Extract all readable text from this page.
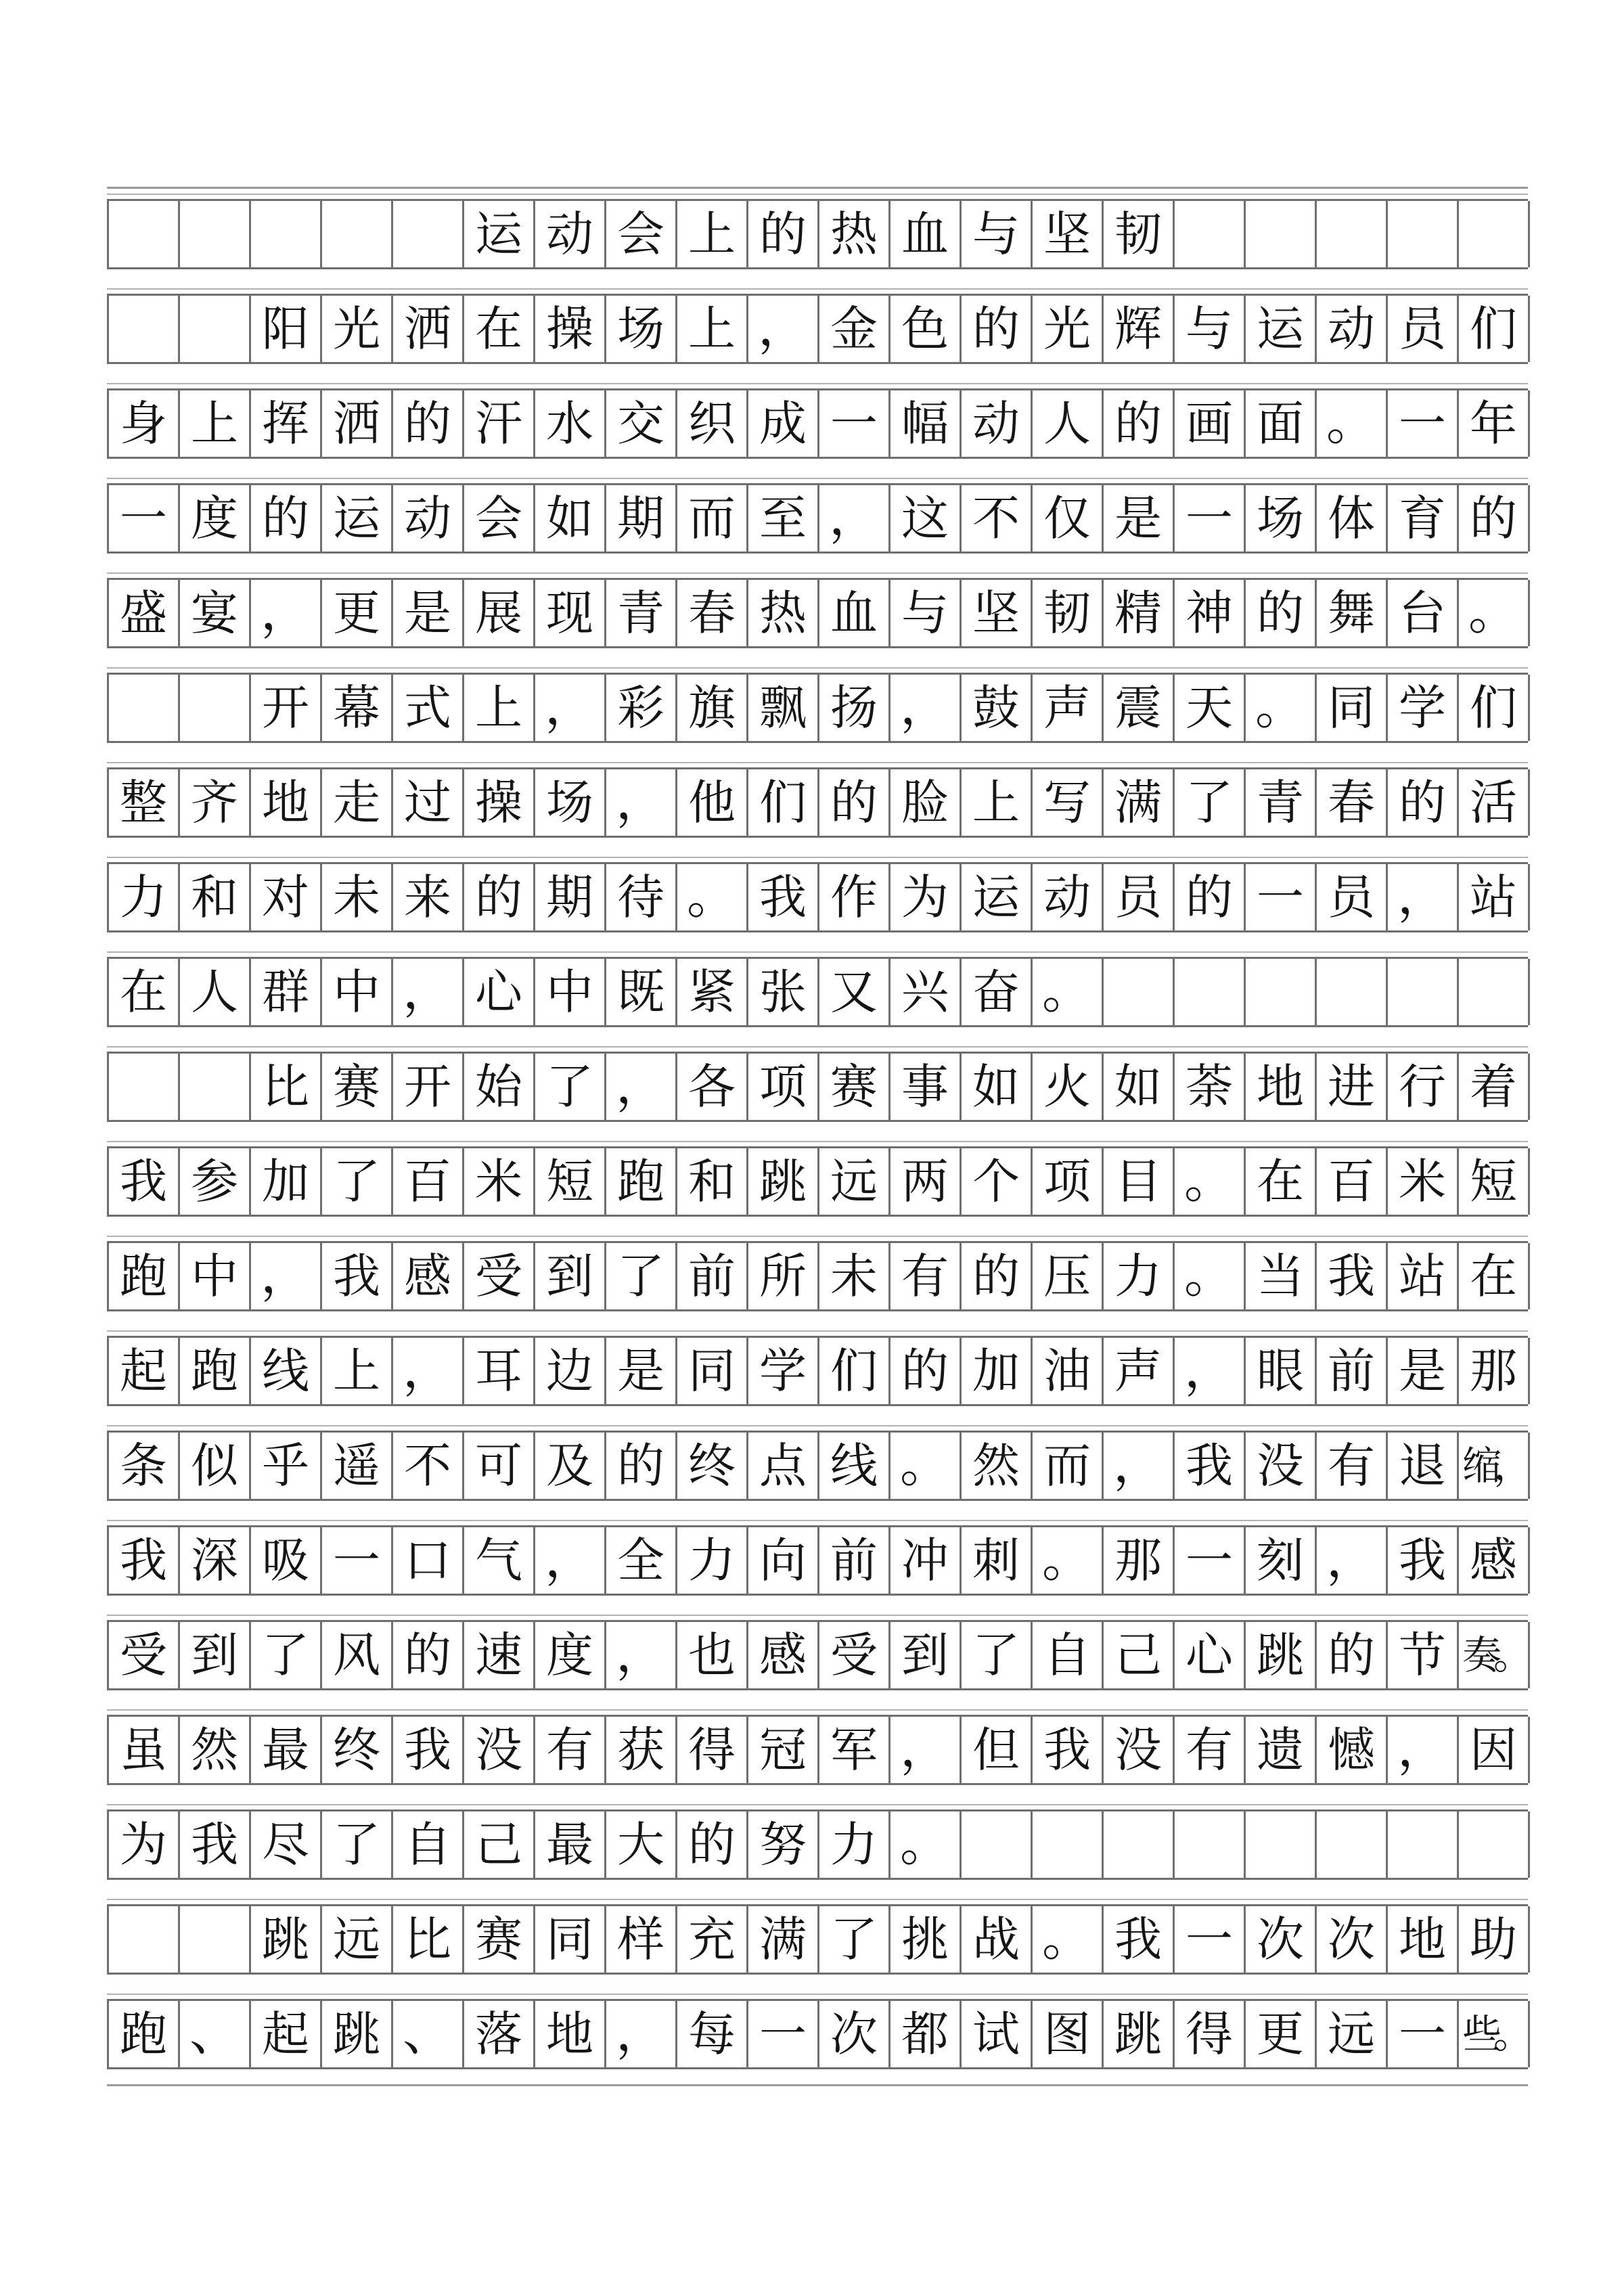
运 动 会 上 的 热 血 与 坚 韧
阳 光 洒 在 操 场 上 ， 金 色 的 光 辉 与 运 动 员 们
身 上 挥 洒 的 汗 水 交 织 成 一 幅 动 人 的 画 面 。 一 年
一 度 的 运 动 会 如 期 而 至 ， 这 不 仅 是 一 场 体 育 的
盛 宴 ， 更 是 展 现 青 春 热 血 与 坚 韧 精 神 的 舞 台 。
开 幕 式 上 ， 彩 旗 飘 扬 ， 鼓 声 震 天 。 同 学 们
整 齐 地 走 过 操 场 ， 他 们 的 脸 上 写 满 了 青 春 的 活
力 和 对 未 来 的 期 待 。 我 作 为 运 动 员 的 一 员 ， 站
在 人 群 中 ， 心 中 既 紧 张 又 兴 奋 。
比 赛 开 始 了 ， 各 项 赛 事 如 火 如 荼 地 进 行 着
我 参 加 了 百 米 短 跑 和 跳 远 两 个 项 目 。 在 百 米 短
跑 中 ， 我 感 受 到 了 前 所 未 有 的 压 力 。 当 我 站 在
起 跑 线 上 ， 耳 边 是 同 学 们 的 加 油 声 ， 眼 前 是 那
条 似 乎 遥 不 可 及 的 终 点 线 。 然 而 ， 我 没 有 退 缩，
我 深 吸 一 口 气 ， 全 力 向 前 冲 刺 。 那 一 刻 ， 我 感
受 到 了 风 的 速 度 ， 也 感 受 到 了 自 己 心 跳 的 节 奏。
虽 然 最 终 我 没 有 获 得 冠 军 ， 但 我 没 有 遗 憾 ， 因
为 我 尽 了 自 己 最 大 的 努 力 。
跳 远 比 赛 同 样 充 满 了 挑 战 。 我 一 次 次 地 助
跑 、 起 跳 、 落 地 ， 每 一 次 都 试 图 跳 得 更 远 一 些。
